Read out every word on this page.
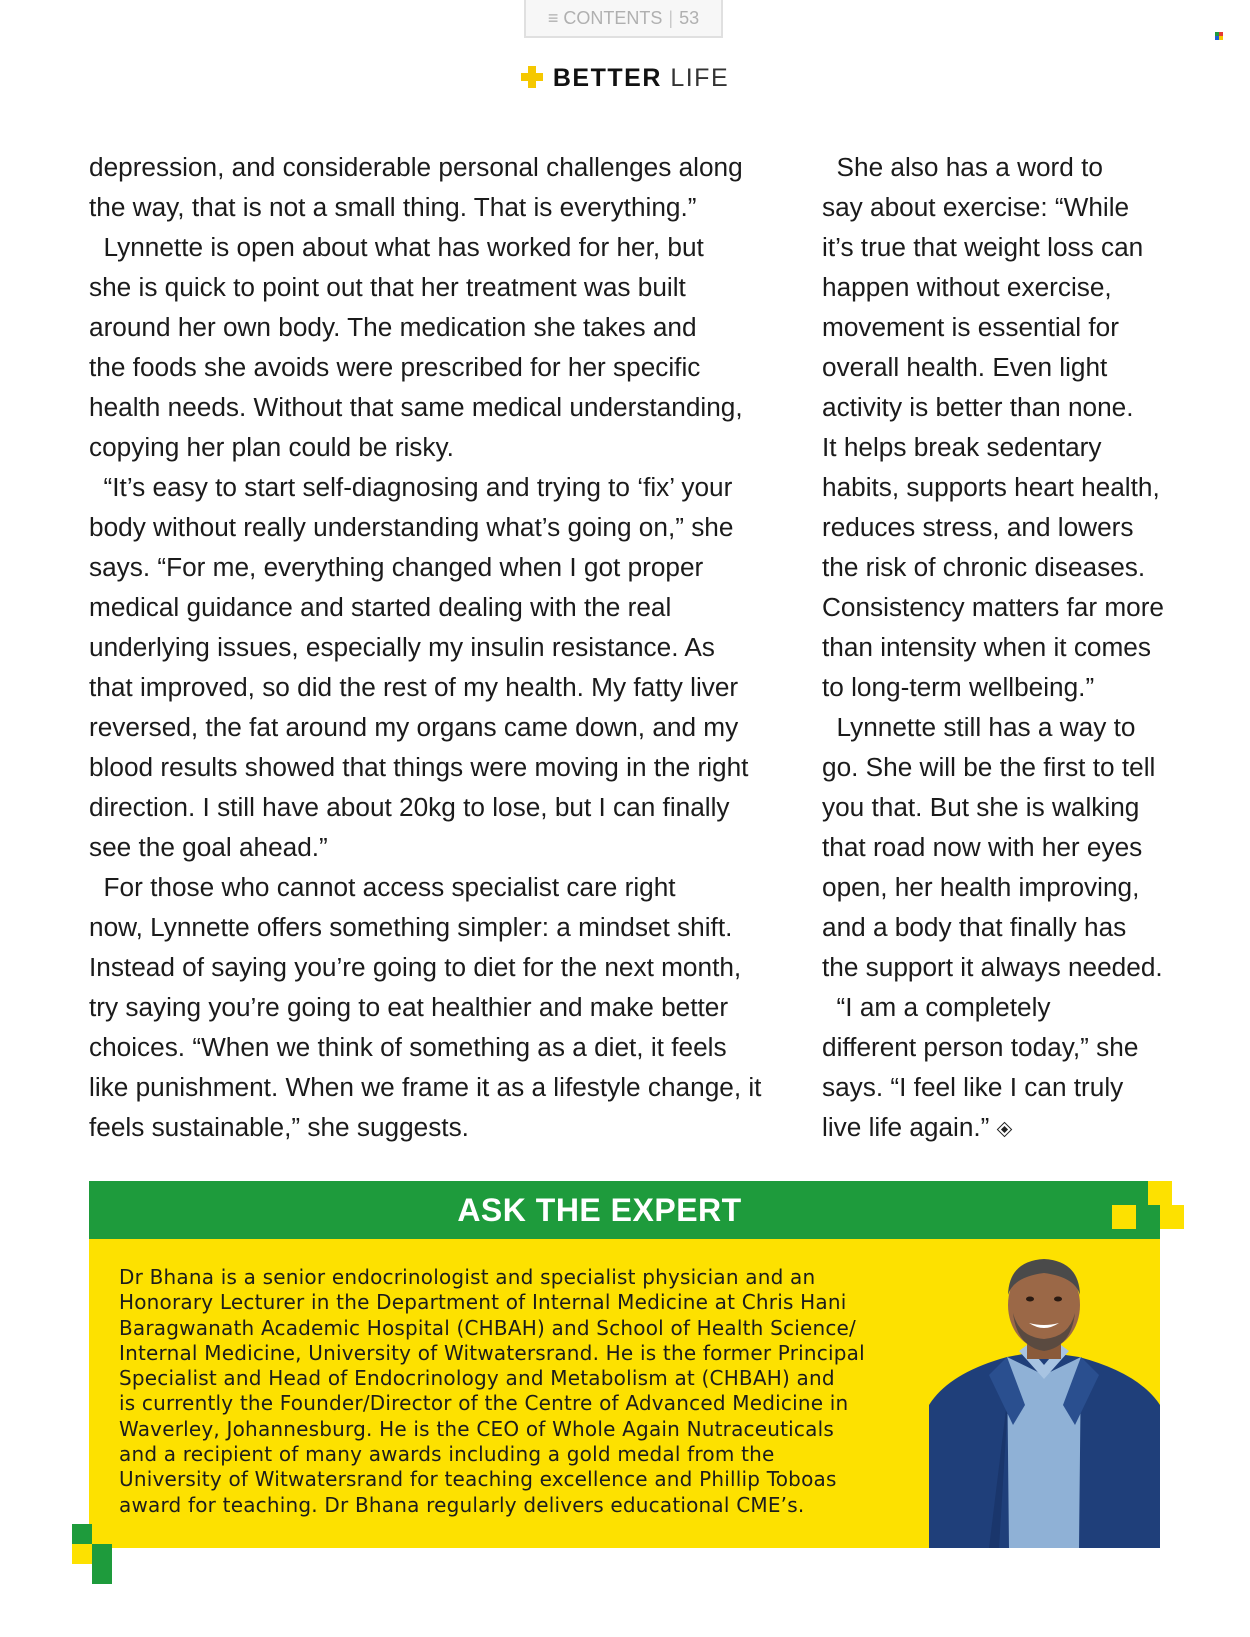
≡ CONTENTS | 53
BETTER LIFE
depression, and considerable personal challenges along
the way, that is not a small thing. That is everything.”
Lynnette is open about what has worked for her, but
she is quick to point out that her treatment was built
around her own body. The medication she takes and
the foods she avoids were prescribed for her specific
health needs. Without that same medical understanding,
copying her plan could be risky.
“It’s easy to start self-diagnosing and trying to ‘fix’ your
body without really understanding what’s going on,” she
says. “For me, everything changed when I got proper
medical guidance and started dealing with the real
underlying issues, especially my insulin resistance. As
that improved, so did the rest of my health. My fatty liver
reversed, the fat around my organs came down, and my
blood results showed that things were moving in the right
direction. I still have about 20kg to lose, but I can finally
see the goal ahead.”
For those who cannot access specialist care right
now, Lynnette offers something simpler: a mindset shift.
Instead of saying you’re going to diet for the next month,
try saying you’re going to eat healthier and make better
choices. “When we think of something as a diet, it feels
like punishment. When we frame it as a lifestyle change, it
feels sustainable,” she suggests.
She also has a word to
say about exercise: “While
it’s true that weight loss can
happen without exercise,
movement is essential for
overall health. Even light
activity is better than none.
It helps break sedentary
habits, supports heart health,
reduces stress, and lowers
the risk of chronic diseases.
Consistency matters far more
than intensity when it comes
to long-term wellbeing.”
Lynnette still has a way to
go. She will be the first to tell
you that. But she is walking
that road now with her eyes
open, her health improving,
and a body that finally has
the support it always needed.
“I am a completely
different person today,” she
says. “I feel like I can truly
live life again.”
ASK THE EXPERT
Dr Bhana is a senior endocrinologist and specialist physician and an
Honorary Lecturer in the Department of Internal Medicine at Chris Hani
Baragwanath Academic Hospital (CHBAH) and School of Health Science/
Internal Medicine, University of Witwatersrand. He is the former Principal
Specialist and Head of Endocrinology and Metabolism at (CHBAH) and
is currently the Founder/Director of the Centre of Advanced Medicine in
Waverley, Johannesburg. He is the CEO of Whole Again Nutraceuticals
and a recipient of many awards including a gold medal from the
University of Witwatersrand for teaching excellence and Phillip Toboas
award for teaching. Dr Bhana regularly delivers educational CME’s.
